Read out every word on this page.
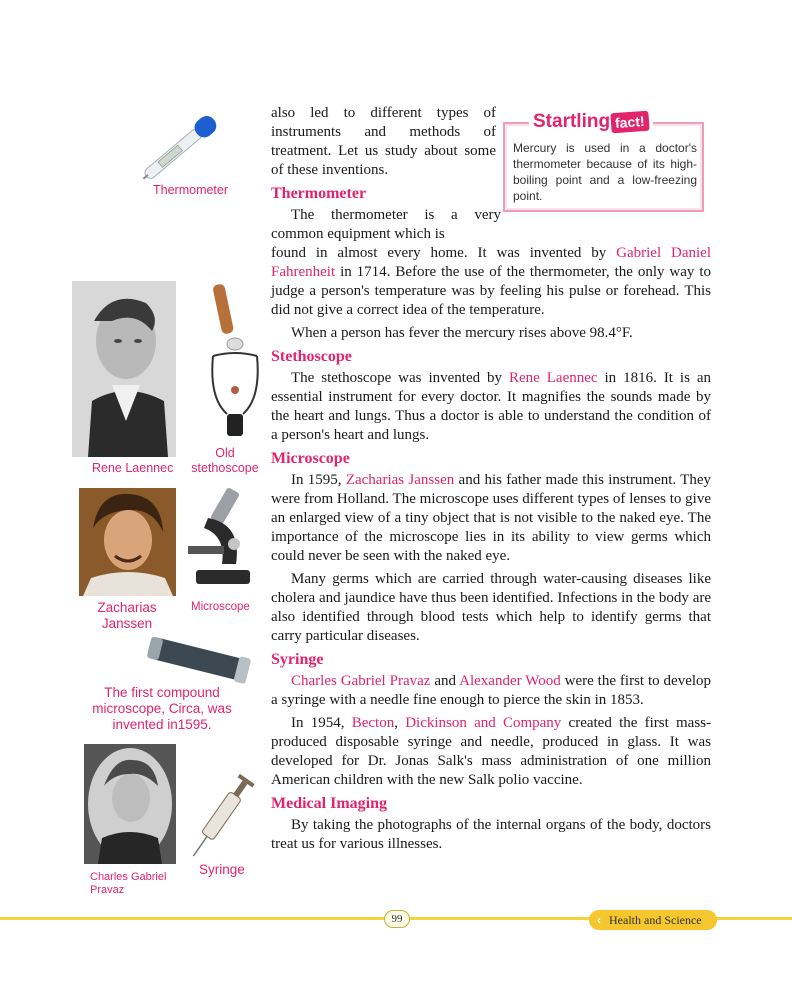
Thermometer
Rene Laennec
Old stethoscope
Zacharias Janssen
Microscope
The first compound microscope, Circa, was invented in1595.
Charles Gabriel Pravaz
Syringe
Startling fact!
Mercury is used in a doctor's thermometer because of its high-boiling point and a low-freezing point.

also led to different types of instruments and methods of treatment. Let us study about some of these inventions.

Thermometer

The thermometer is a very common equipment which is

found in almost every home. It was invented by Gabriel Daniel Fahrenheit in 1714. Before the use of the thermometer, the only way to judge a person's temperature was by feeling his pulse or forehead. This did not give a correct idea of the temperature.

When a person has fever the mercury rises above 98.4°F.

Stethoscope

The stethoscope was invented by Rene Laennec in 1816. It is an essential instrument for every doctor. It magnifies the sounds made by the heart and lungs. Thus a doctor is able to understand the condition of a person's heart and lungs.

Microscope

In 1595, Zacharias Janssen and his father made this instrument. They were from Holland. The microscope uses different types of lenses to give an enlarged view of a tiny object that is not visible to the naked eye. The importance of the microscope lies in its ability to view germs which could never be seen with the naked eye.

Many germs which are carried through water-causing diseases like cholera and jaundice have thus been identified. Infections in the body are also identified through blood tests which help to identify germs that carry particular diseases.

Syringe

Charles Gabriel Pravaz and Alexander Wood were the first to develop a syringe with a needle fine enough to pierce the skin in 1853.

In 1954, Becton, Dickinson and Company created the first mass-produced disposable syringe and needle, produced in glass. It was developed for Dr. Jonas Salk's mass administration of one million American children with the new Salk polio vaccine.

Medical Imaging

By taking the photographs of the internal organs of the body, doctors treat us for various illnesses.

99	‹ Health and Science
